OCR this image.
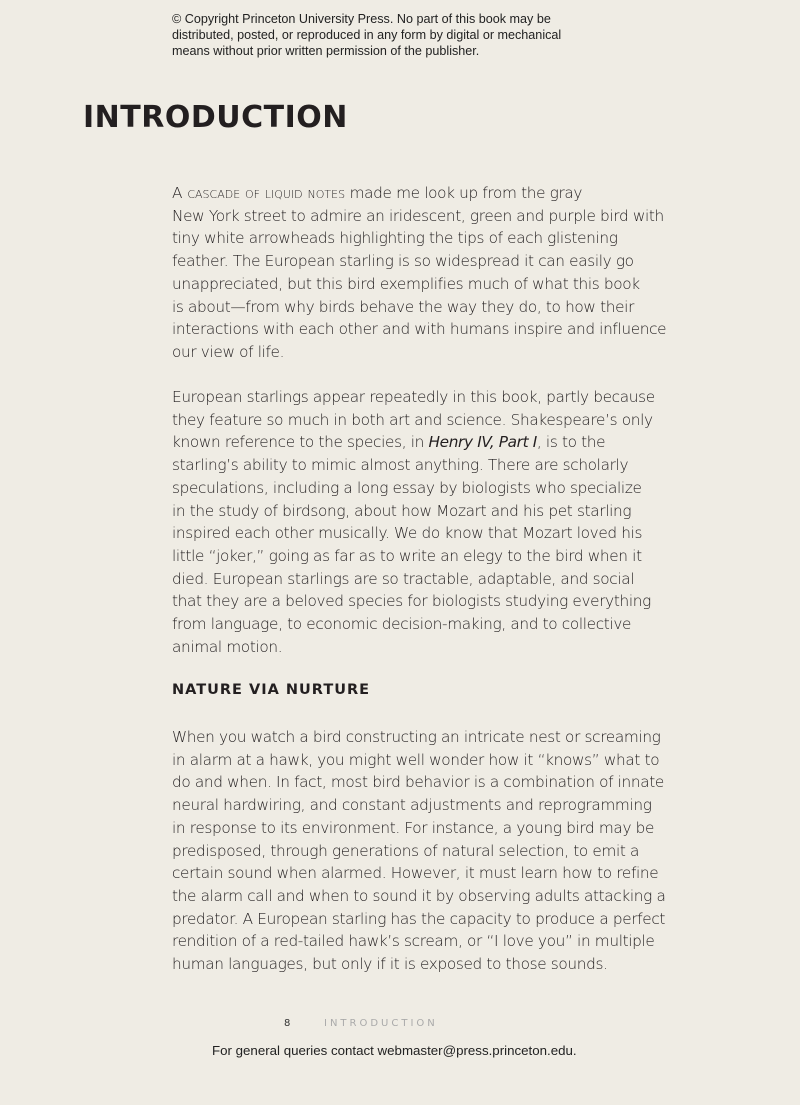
© Copyright Princeton University Press. No part of this book may be
distributed, posted, or reproduced in any form by digital or mechanical
means without prior written permission of the publisher.
INTRODUCTION
A cascade of liquid notes made me look up from the gray
New York street to admire an iridescent, green and purple bird with
tiny white arrowheads highlighting the tips of each glistening
feather. The European starling is so widespread it can easily go
unappreciated, but this bird exemplifies much of what this book
is about—from why birds behave the way they do, to how their
interactions with each other and with humans inspire and influence
our view of life.
European starlings appear repeatedly in this book, partly because
they feature so much in both art and science. Shakespeare’s only
known reference to the species, in Henry IV, Part I, is to the
starling’s ability to mimic almost anything. There are scholarly
speculations, including a long essay by biologists who specialize
in the study of birdsong, about how Mozart and his pet starling
inspired each other musically. We do know that Mozart loved his
little “joker,” going as far as to write an elegy to the bird when it
died. European starlings are so tractable, adaptable, and social
that they are a beloved species for biologists studying everything
from language, to economic decision-making, and to collective
animal motion.
NATURE VIA NURTURE
When you watch a bird constructing an intricate nest or screaming
in alarm at a hawk, you might well wonder how it “knows” what to
do and when. In fact, most bird behavior is a combination of innate
neural hardwiring, and constant adjustments and reprogramming
in response to its environment. For instance, a young bird may be
predisposed, through generations of natural selection, to emit a
certain sound when alarmed. However, it must learn how to refine
the alarm call and when to sound it by observing adults attacking a
predator. A European starling has the capacity to produce a perfect
rendition of a red-tailed hawk’s scream, or “I love you” in multiple
human languages, but only if it is exposed to those sounds.
8	INTRODUCTION
For general queries contact webmaster@press.princeton.edu.
